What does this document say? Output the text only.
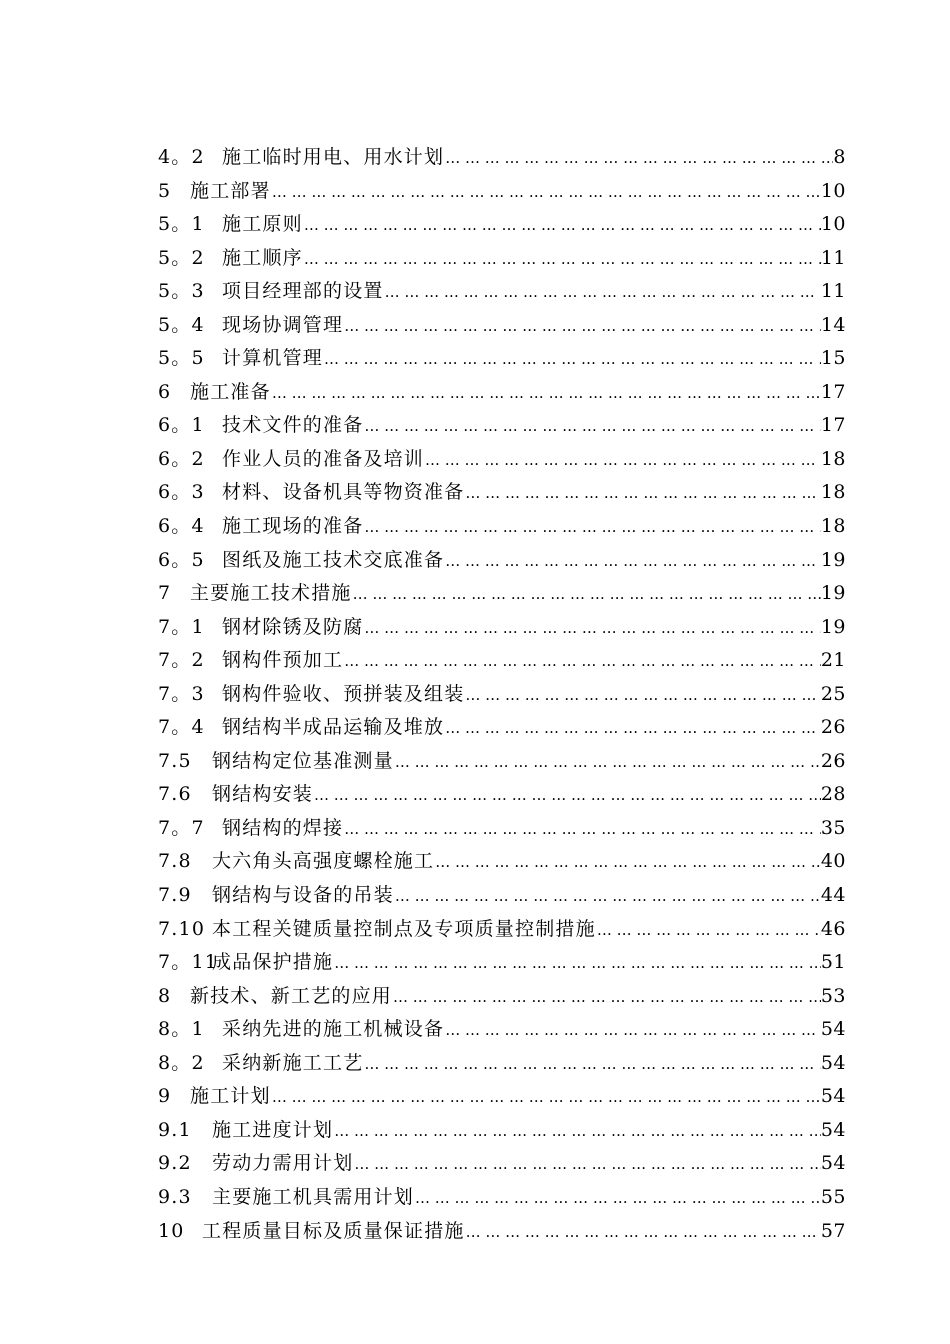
4。2 施工临时用电、用水计划 … … … … … … … … … … … … … … … … … … … … … … … … … … … … … … … … … … … … … … … … … … … … … … … … … … … …	8
5 施工部署 … … … … … … … … … … … … … … … … … … … … … … … … … … … … … … … … … … … … … … … … … … … … … … … … … … … …	10
5。1 施工原则 … … … … … … … … … … … … … … … … … … … … … … … … … … … … … … … … … … … … … … … … … … … … … … … … … … … …	10
5。2 施工顺序 … … … … … … … … … … … … … … … … … … … … … … … … … … … … … … … … … … … … … … … … … … … … … … … … … … … …	11
5。3 项目经理部的设置 … … … … … … … … … … … … … … … … … … … … … … … … … … … … … … … … … … … … … … … … … … … … … … … … … … … …	11
5。4 现场协调管理 … … … … … … … … … … … … … … … … … … … … … … … … … … … … … … … … … … … … … … … … … … … … … … … … … … … …	14
5。5 计算机管理 … … … … … … … … … … … … … … … … … … … … … … … … … … … … … … … … … … … … … … … … … … … … … … … … … … … …	15
6 施工准备 … … … … … … … … … … … … … … … … … … … … … … … … … … … … … … … … … … … … … … … … … … … … … … … … … … … …	17
6。1 技术文件的准备 … … … … … … … … … … … … … … … … … … … … … … … … … … … … … … … … … … … … … … … … … … … … … … … … … … … …	17
6。2 作业人员的准备及培训 … … … … … … … … … … … … … … … … … … … … … … … … … … … … … … … … … … … … … … … … … … … … … … … … … … … …	18
6。3 材料、设备机具等物资准备 … … … … … … … … … … … … … … … … … … … … … … … … … … … … … … … … … … … … … … … … … … … … … … … … … … … …	18
6。4 施工现场的准备 … … … … … … … … … … … … … … … … … … … … … … … … … … … … … … … … … … … … … … … … … … … … … … … … … … … …	18
6。5 图纸及施工技术交底准备 … … … … … … … … … … … … … … … … … … … … … … … … … … … … … … … … … … … … … … … … … … … … … … … … … … … …	19
7 主要施工技术措施 … … … … … … … … … … … … … … … … … … … … … … … … … … … … … … … … … … … … … … … … … … … … … … … … … … … …	19
7。1 钢材除锈及防腐 … … … … … … … … … … … … … … … … … … … … … … … … … … … … … … … … … … … … … … … … … … … … … … … … … … … …	19
7。2 钢构件预加工 … … … … … … … … … … … … … … … … … … … … … … … … … … … … … … … … … … … … … … … … … … … … … … … … … … … …	21
7。3 钢构件验收、预拼装及组装 … … … … … … … … … … … … … … … … … … … … … … … … … … … … … … … … … … … … … … … … … … … … … … … … … … … …	25
7。4 钢结构半成品运输及堆放 … … … … … … … … … … … … … … … … … … … … … … … … … … … … … … … … … … … … … … … … … … … … … … … … … … … …	26
7.5 钢结构定位基准测量 … … … … … … … … … … … … … … … … … … … … … … … … … … … … … … … … … … … … … … … … … … … … … … … … … … … …	26
7.6 钢结构安装 … … … … … … … … … … … … … … … … … … … … … … … … … … … … … … … … … … … … … … … … … … … … … … … … … … … …	28
7。7 钢结构的焊接 … … … … … … … … … … … … … … … … … … … … … … … … … … … … … … … … … … … … … … … … … … … … … … … … … … … …	35
7.8 大六角头高强度螺栓施工 … … … … … … … … … … … … … … … … … … … … … … … … … … … … … … … … … … … … … … … … … … … … … … … … … … … …	40
7.9 钢结构与设备的吊装 … … … … … … … … … … … … … … … … … … … … … … … … … … … … … … … … … … … … … … … … … … … … … … … … … … … …	44
7.10 本工程关键质量控制点及专项质量控制措施 … … … … … … … … … … … … … … … … … … … … … … … … … … … … … … … … … … … … … … … … … … … … … … … … … … … …	46
7。11成品保护措施 … … … … … … … … … … … … … … … … … … … … … … … … … … … … … … … … … … … … … … … … … … … … … … … … … … … …	51
8 新技术、新工艺的应用 … … … … … … … … … … … … … … … … … … … … … … … … … … … … … … … … … … … … … … … … … … … … … … … … … … … …	53
8。1 采纳先进的施工机械设备 … … … … … … … … … … … … … … … … … … … … … … … … … … … … … … … … … … … … … … … … … … … … … … … … … … … …	54
8。2 采纳新施工工艺 … … … … … … … … … … … … … … … … … … … … … … … … … … … … … … … … … … … … … … … … … … … … … … … … … … … …	54
9 施工计划 … … … … … … … … … … … … … … … … … … … … … … … … … … … … … … … … … … … … … … … … … … … … … … … … … … … …	54
9.1 施工进度计划 … … … … … … … … … … … … … … … … … … … … … … … … … … … … … … … … … … … … … … … … … … … … … … … … … … … …	54
9.2 劳动力需用计划 … … … … … … … … … … … … … … … … … … … … … … … … … … … … … … … … … … … … … … … … … … … … … … … … … … … …	54
9.3 主要施工机具需用计划 … … … … … … … … … … … … … … … … … … … … … … … … … … … … … … … … … … … … … … … … … … … … … … … … … … … …	55
10 工程质量目标及质量保证措施 … … … … … … … … … … … … … … … … … … … … … … … … … … … … … … … … … … … … … … … … … … … … … … … … … … … …	57
